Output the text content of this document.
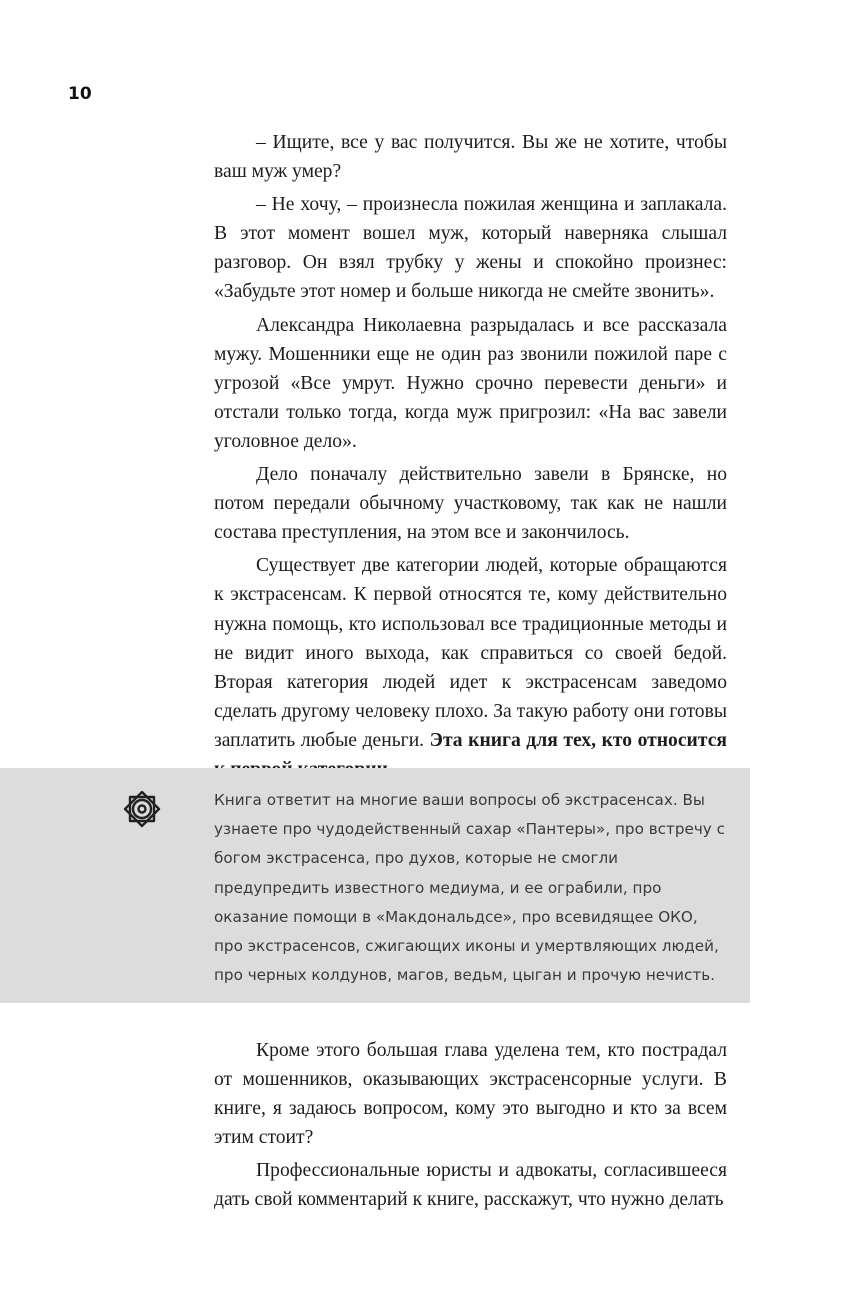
10

– Ищите, все у вас получится. Вы же не хотите, чтобы ваш муж умер?

– Не хочу, – произнесла пожилая женщина и заплакала. В этот момент вошел муж, который наверняка слышал разговор. Он взял трубку у жены и спокойно произнес: «Забудьте этот номер и больше никогда не смейте звонить».

Александра Николаевна разрыдалась и все рассказала мужу. Мошенники еще не один раз звонили пожилой паре с угрозой «Все умрут. Нужно срочно перевести деньги» и отстали только тогда, когда муж пригрозил: «На вас завели уголовное дело».

Дело поначалу действительно завели в Брянске, но потом передали обычному участковому, так как не нашли состава преступления, на этом все и закончилось.

Существует две категории людей, которые обращаются к экстрасенсам. К первой относятся те, кому действительно нужна помощь, кто использовал все традиционные методы и не видит иного выхода, как справиться со своей бедой. Вторая категория людей идет к экстрасенсам заведомо сделать другому человеку плохо. За такую работу они готовы заплатить любые деньги. Эта книга для тех, кто относится

Книга ответит на многие ваши вопросы об экстрасенсах. Вы узнаете про чудодейственный сахар «Пантеры», про встречу с богом экстрасенса, про духов, которые не смогли предупредить известного медиума, и ее ограбили, про оказание помощи в «Макдональдсе», про всевидящее ОКО, про экстрасенсов, сжигающих иконы и умертвляющих людей, про черных колдунов, магов, ведьм, цыган и прочую нечисть.

Кроме этого большая глава уделена тем, кто пострадал от мошенников, оказывающих экстрасенсорные услуги. В книге, я задаюсь вопросом, кому это выгодно и кто за всем этим стоит?

Профессиональные юристы и адвокаты, согласившееся дать свой комментарий к книге, расскажут, что нужно делать
